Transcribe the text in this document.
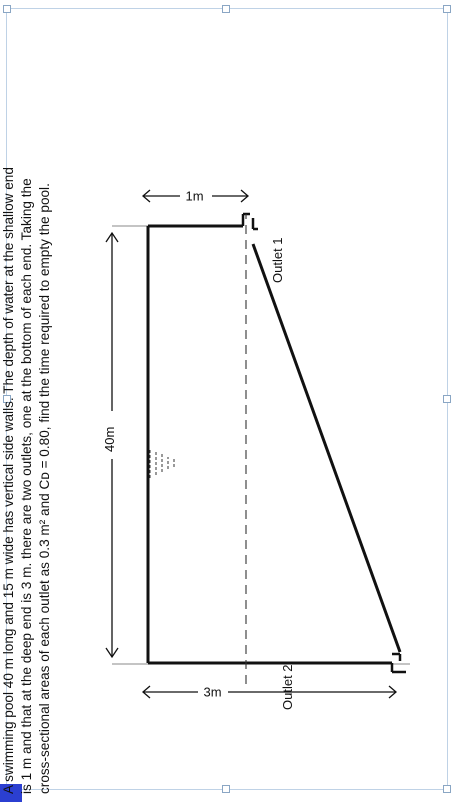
A swimming pool 40 m long and 15 m wide has vertical side walls. The depth of water at the shallow end is 1 m and that at the deep end is 3 m. there are two outlets, one at the bottom of each end. Taking the cross-sectional areas of each outlet as 0.3 m² and Cᴅ = 0.80, find the time required to empty the pool.	40m
3m
1m
Outlet 2
Outlet 1
